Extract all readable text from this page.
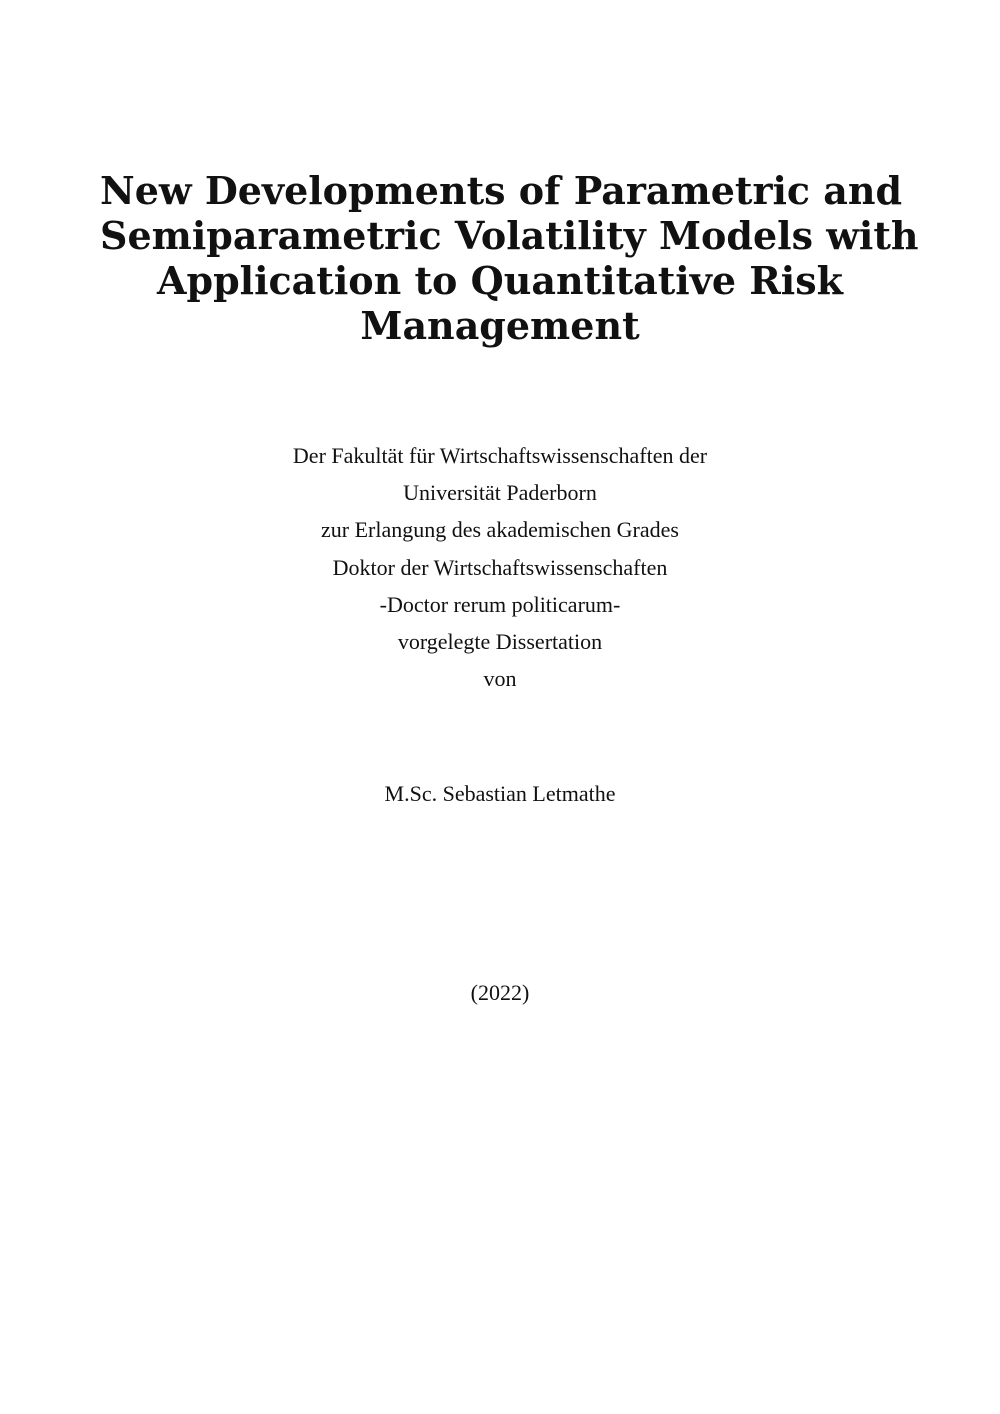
New Developments of Parametric and
Semiparametric Volatility Models with
Application to Quantitative Risk
Management
Der Fakultät für Wirtschaftswissenschaften der
Universität Paderborn
zur Erlangung des akademischen Grades
Doktor der Wirtschaftswissenschaften
-Doctor rerum politicarum-
vorgelegte Dissertation
von
M.Sc. Sebastian Letmathe
(2022)
